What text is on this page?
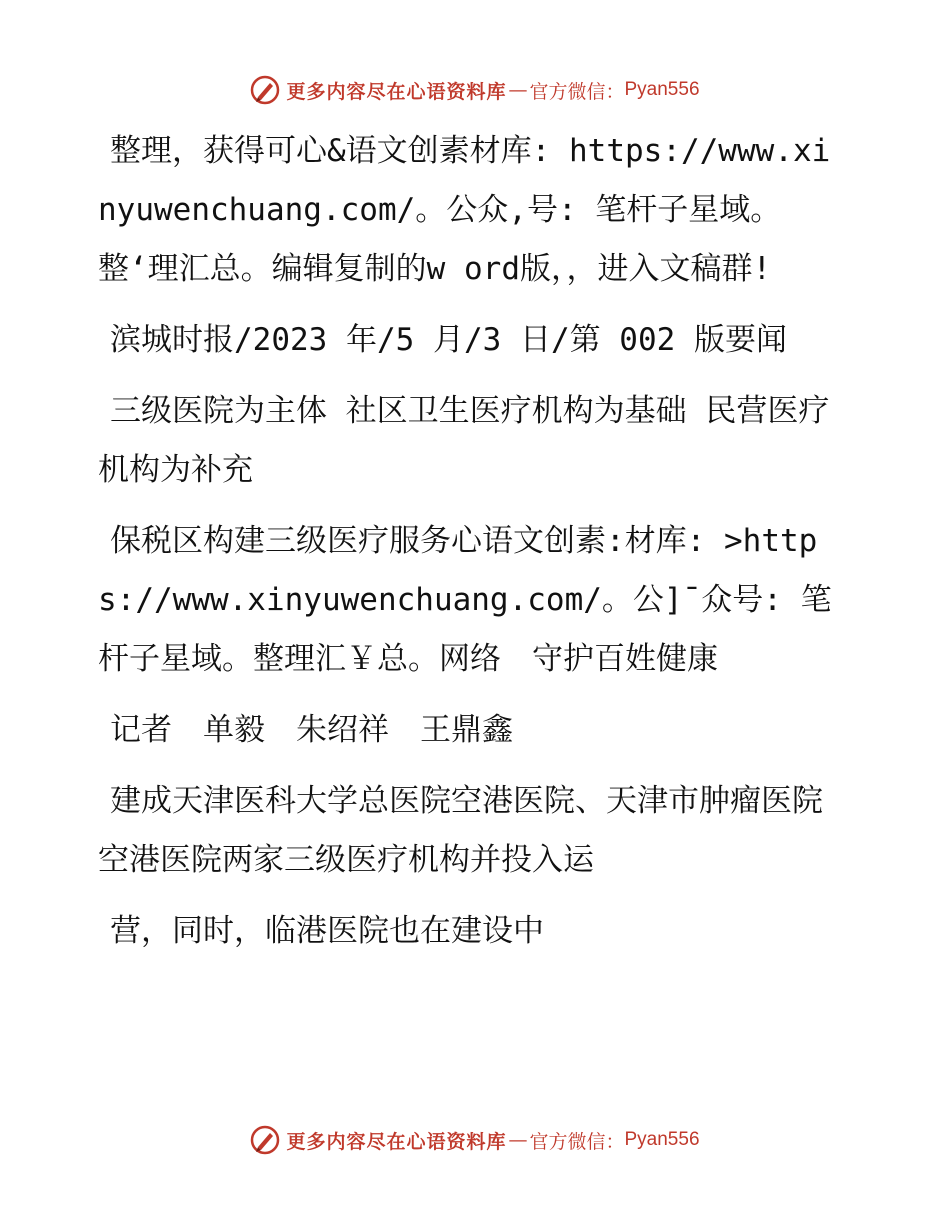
更多内容尽在心语资料库 — 官方微信： Pyan556

整理，获得可心&语文创素材库: https://www.xinyuwenchuang.com/。公众,号: 笔杆子星域。整‘理汇总。编辑复制的w ord版，，进入文稿群!

滨城时报/2023 年/5 月/3 日/第 002 版要闻

三级医院为主体 社区卫生医疗机构为基础 民营医疗机构为补充

保税区构建三级医疗服务心语文创素:材库: >https://www.xinyuwenchuang.com/。公]¯众号: 笔杆子星域。整理汇￥总。网络　守护百姓健康

记者　单毅　朱绍祥　王鼎鑫

建成天津医科大学总医院空港医院、天津市肿瘤医院空港医院两家三级医疗机构并投入运

营，同时，临港医院也在建设中

更多内容尽在心语资料库 — 官方微信： Pyan556
